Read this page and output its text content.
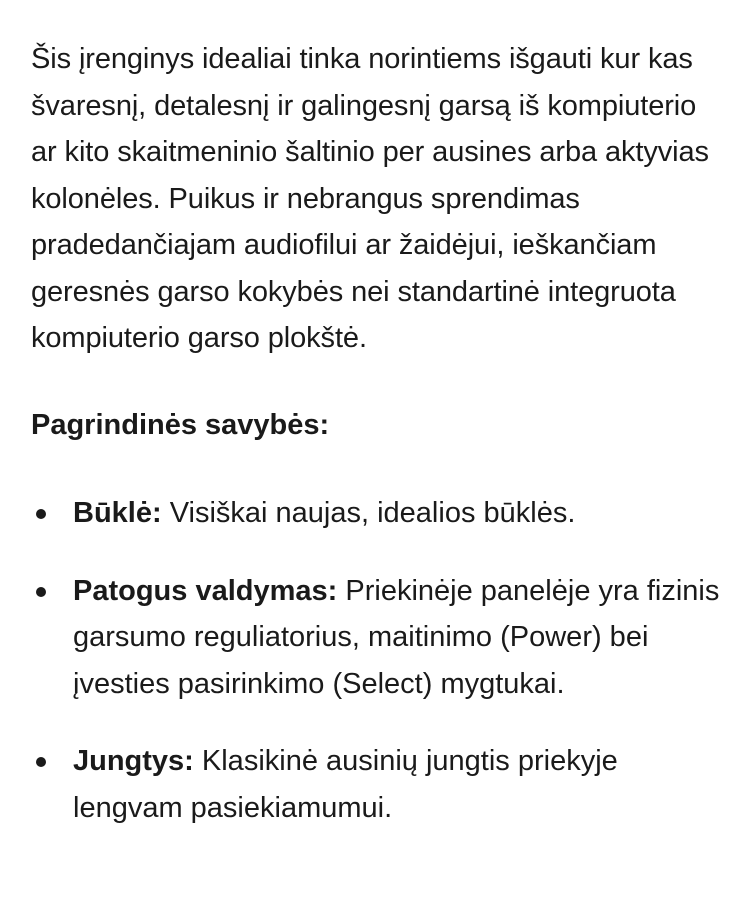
Šis įrenginys idealiai tinka norintiems išgauti kur kas švaresnį, detalesnį ir galingesnį garsą iš kompiuterio ar kito skaitmeninio šaltinio per ausines arba aktyvias kolonėles. Puikus ir nebrangus sprendimas pradedančiajam audiofilui ar žaidėjui, ieškančiam geresnės garso kokybės nei standartinė integruota kompiuterio garso plokštė.

Pagrindinės savybės:

Būklė: Visiškai naujas, idealios būklės.
Patogus valdymas: Priekinėje panelėje yra fizinis garsumo reguliatorius, maitinimo (Power) bei įvesties pasirinkimo (Select) mygtukai.
Jungtys: Klasikinė ausinių jungtis priekyje lengvam pasiekiamumui.
